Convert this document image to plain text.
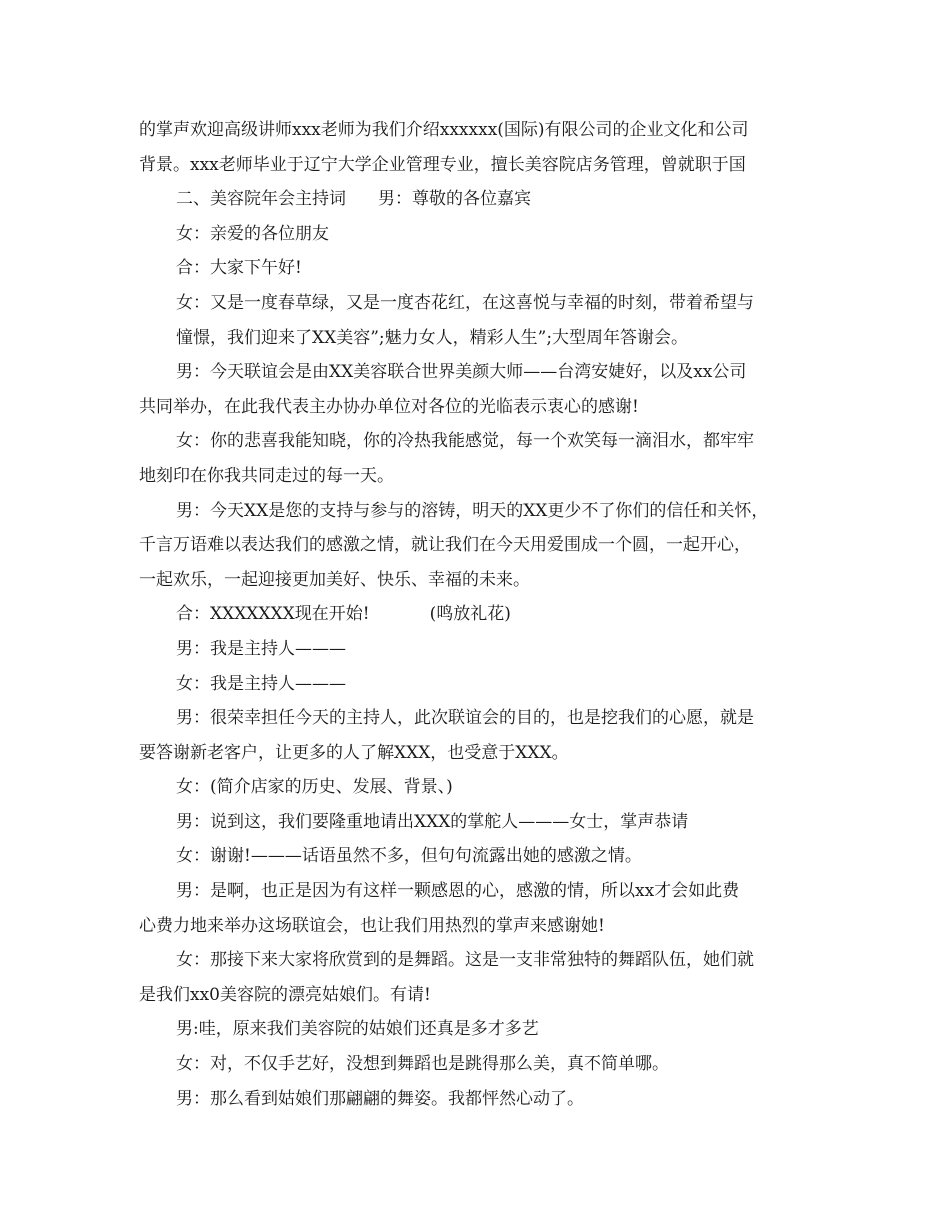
的掌声欢迎高级讲师xxx老师为我们介绍xxxxxx(国际)有限公司的企业文化和公司
背景。xxx老师毕业于辽宁大学企业管理专业，擅长美容院店务管理，曾就职于国
二、美容院年会主持词 男：尊敬的各位嘉宾
女：亲爱的各位朋友
合：大家下午好!
女：又是一度春草绿，又是一度杏花红，在这喜悦与幸福的时刻，带着希望与
憧憬，我们迎来了XX美容”;魅力女人，精彩人生”;大型周年答谢会。
男：今天联谊会是由XX美容联合世界美颜大师——台湾安婕好，以及xx公司
共同举办，在此我代表主办协办单位对各位的光临表示衷心的感谢!
女：你的悲喜我能知晓，你的冷热我能感觉，每一个欢笑每一滴泪水，都牢牢
地刻印在你我共同走过的每一天。
男：今天XX是您的支持与参与的溶铸，明天的XX更少不了你们的信任和关怀，
千言万语难以表达我们的感激之情，就让我们在今天用爱围成一个圆，一起开心，
一起欢乐，一起迎接更加美好、快乐、幸福的未来。
合：XXXXXXX现在开始!	(鸣放礼花)
男：我是主持人———
女：我是主持人———
男：很荣幸担任今天的主持人，此次联谊会的目的，也是挖我们的心愿，就是
要答谢新老客户，让更多的人了解XXX，也受意于XXX。
女：(简介店家的历史、发展、背景、)
男：说到这，我们要隆重地请出XXX的掌舵人———女士，掌声恭请
女：谢谢!———话语虽然不多，但句句流露出她的感激之情。
男：是啊，也正是因为有这样一颗感恩的心，感激的情，所以xx才会如此费
心费力地来举办这场联谊会，也让我们用热烈的掌声来感谢她!
女：那接下来大家将欣赏到的是舞蹈。这是一支非常独特的舞蹈队伍，她们就
是我们xx0美容院的漂亮姑娘们。有请!
男:哇，原来我们美容院的姑娘们还真是多才多艺
女：对，不仅手艺好，没想到舞蹈也是跳得那么美，真不简单哪。
男：那么看到姑娘们那翩翩的舞姿。我都怦然心动了。
